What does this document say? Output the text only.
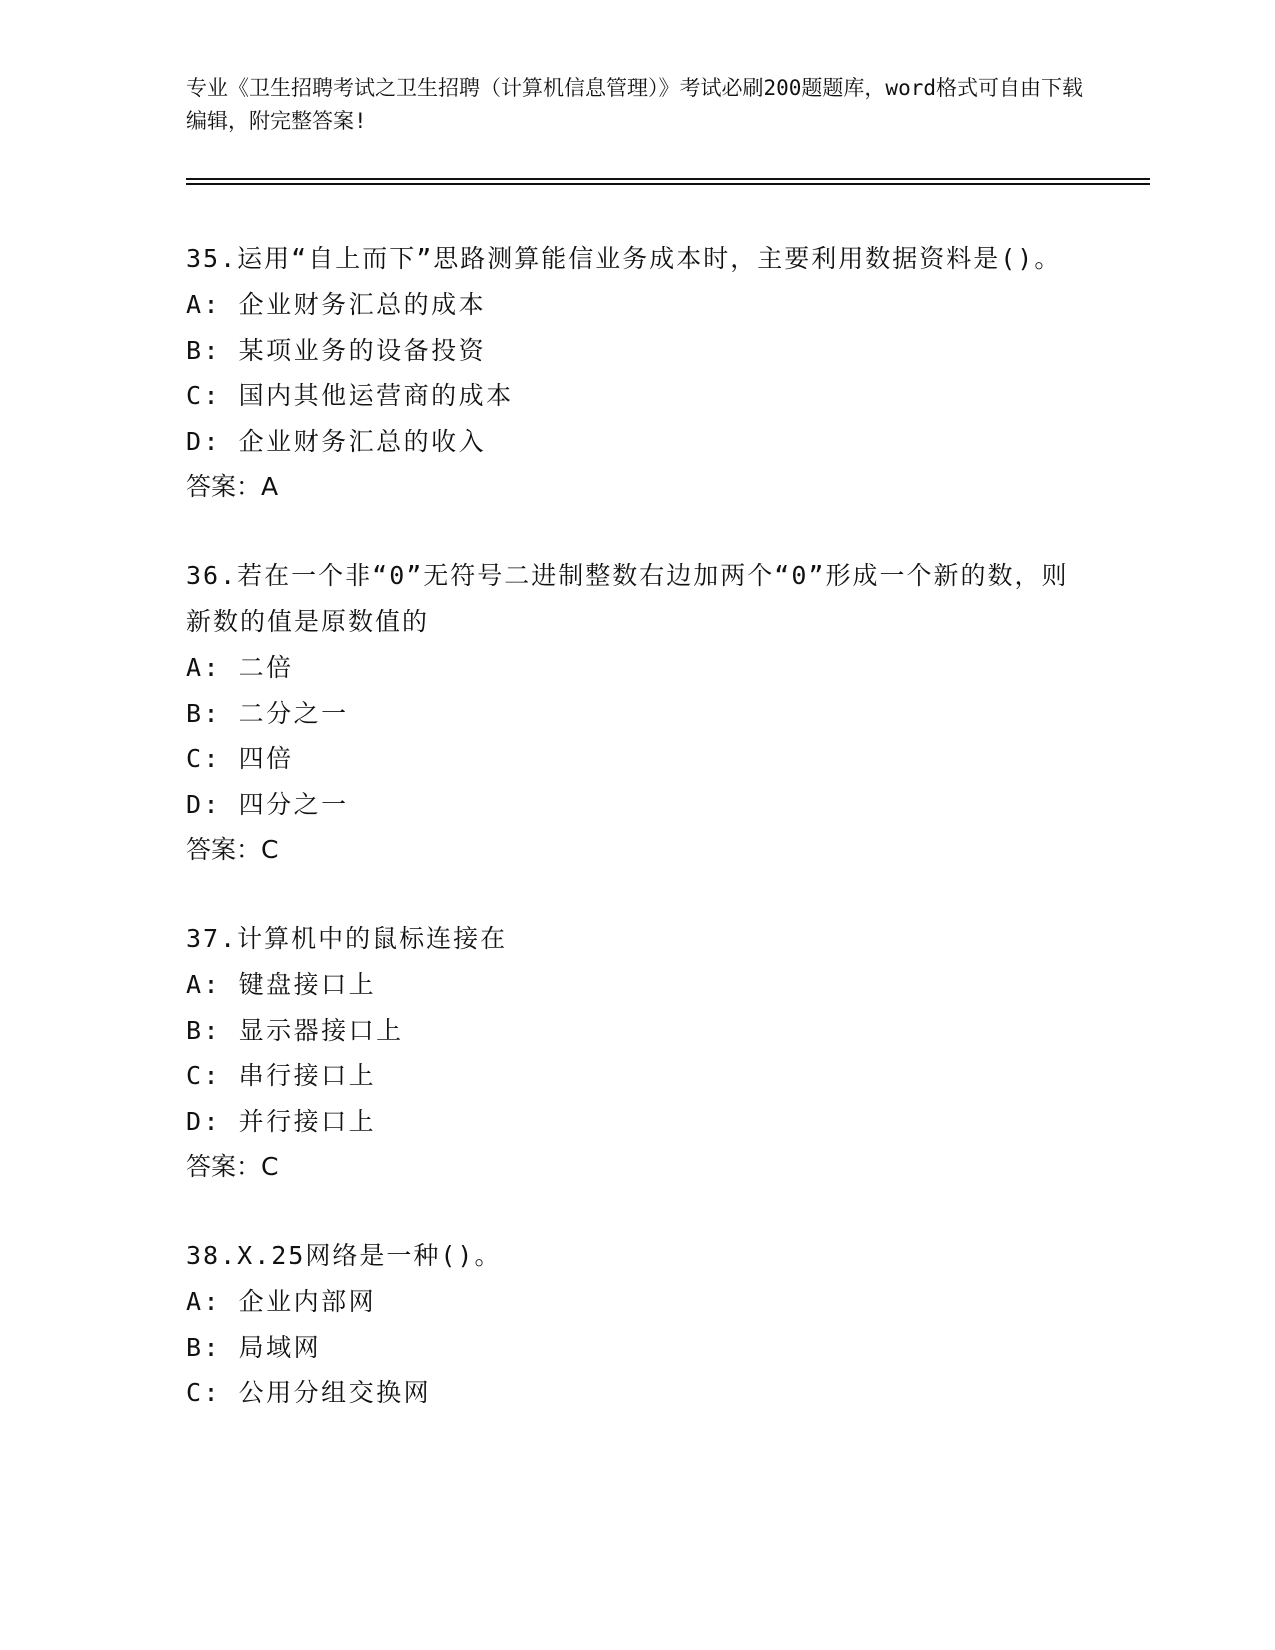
专业《卫生招聘考试之卫生招聘（计算机信息管理）》考试必刷200题题库，word格式可自由下载编辑，附完整答案!
35.运用“自上而下”思路测算能信业务成本时，主要利用数据资料是()。
A: 企业财务汇总的成本
B: 某项业务的设备投资
C: 国内其他运营商的成本
D: 企业财务汇总的收入
答案：A
36.若在一个非“0”无符号二进制整数右边加两个“0”形成一个新的数，则新数的值是原数值的
A: 二倍
B: 二分之一
C: 四倍
D: 四分之一
答案：C
37.计算机中的鼠标连接在
A: 键盘接口上
B: 显示器接口上
C: 串行接口上
D: 并行接口上
答案：C
38.X.25网络是一种()。
A: 企业内部网
B: 局域网
C: 公用分组交换网
